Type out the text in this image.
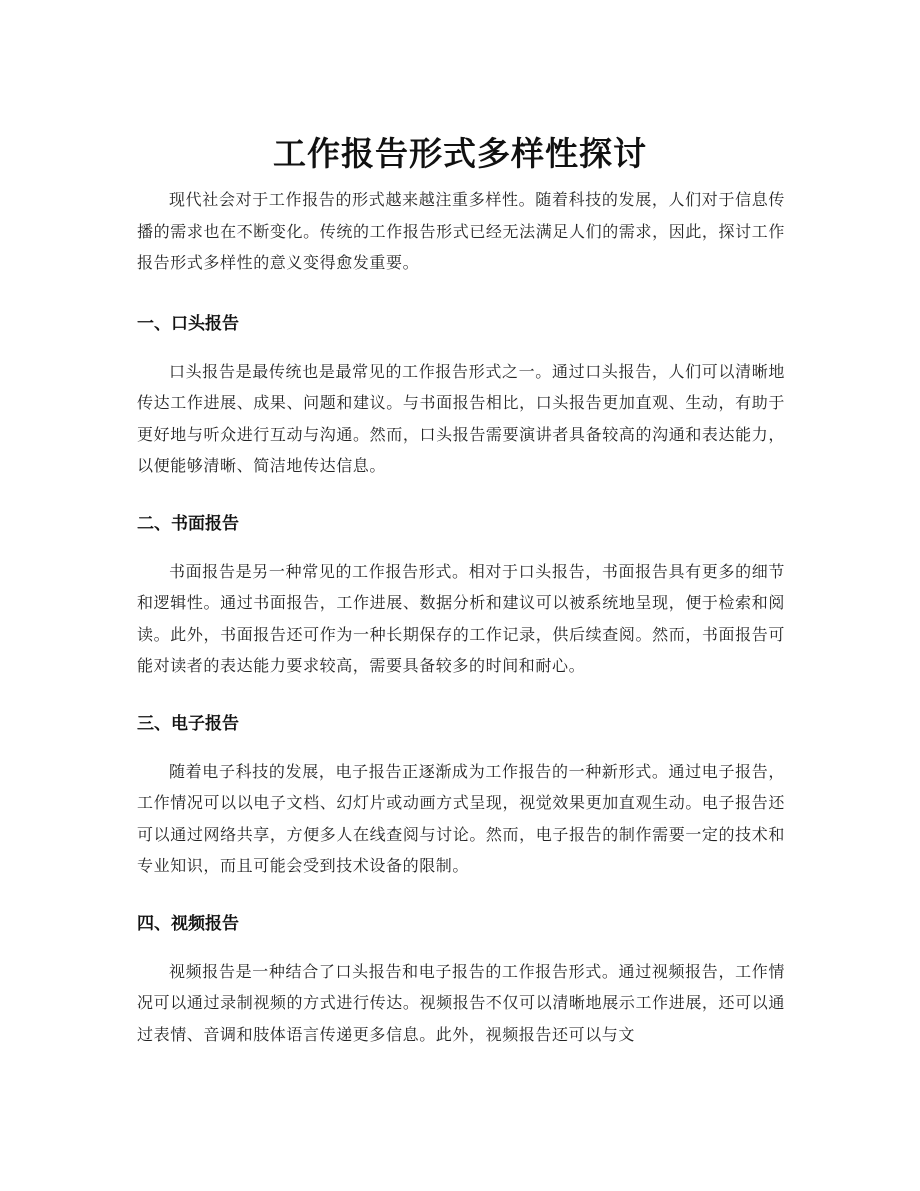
工作报告形式多样性探讨

现代社会对于工作报告的形式越来越注重多样性。随着科技的发展，人们对于信息传播的需求也在不断变化。传统的工作报告形式已经无法满足人们的需求，因此，探讨工作报告形式多样性的意义变得愈发重要。

一、口头报告

口头报告是最传统也是最常见的工作报告形式之一。通过口头报告，人们可以清晰地传达工作进展、成果、问题和建议。与书面报告相比，口头报告更加直观、生动，有助于更好地与听众进行互动与沟通。然而，口头报告需要演讲者具备较高的沟通和表达能力，以便能够清晰、简洁地传达信息。

二、书面报告

书面报告是另一种常见的工作报告形式。相对于口头报告，书面报告具有更多的细节和逻辑性。通过书面报告，工作进展、数据分析和建议可以被系统地呈现，便于检索和阅读。此外，书面报告还可作为一种长期保存的工作记录，供后续查阅。然而，书面报告可能对读者的表达能力要求较高，需要具备较多的时间和耐心。

三、电子报告

随着电子科技的发展，电子报告正逐渐成为工作报告的一种新形式。通过电子报告，工作情况可以以电子文档、幻灯片或动画方式呈现，视觉效果更加直观生动。电子报告还可以通过网络共享，方便多人在线查阅与讨论。然而，电子报告的制作需要一定的技术和专业知识，而且可能会受到技术设备的限制。

四、视频报告

视频报告是一种结合了口头报告和电子报告的工作报告形式。通过视频报告，工作情况可以通过录制视频的方式进行传达。视频报告不仅可以清晰地展示工作进展，还可以通过表情、音调和肢体语言传递更多信息。此外，视频报告还可以与文
